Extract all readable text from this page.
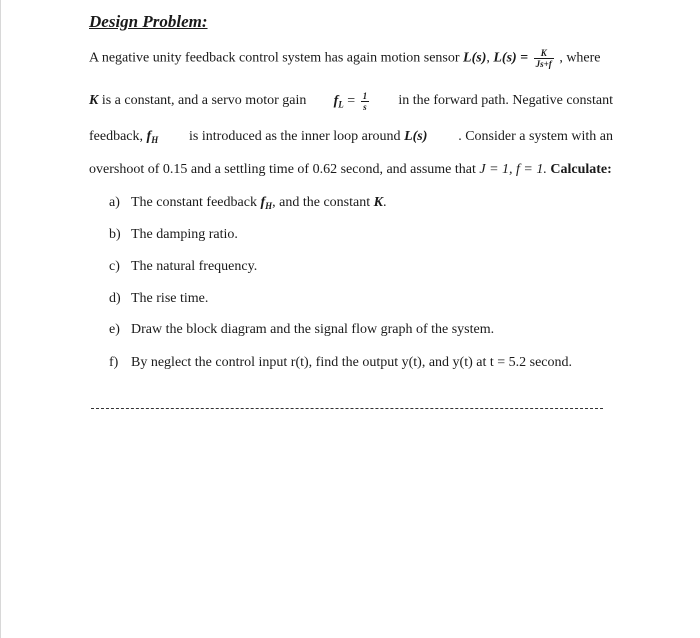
Design Problem:
A negative unity feedback control system has again motion sensor L(s), $L(s) = \frac{K}{Js+f}$ , where
K is a constant, and a servo motor gain $f_L = \frac{1}{s}$ in the forward path. Negative constant
feedback, $f_H$ is introduced as the inner loop around L(s) . Consider a system with an
overshoot of 0.15 and a settling time of 0.62 second, and assume that J = 1, f = 1. Calculate:
a) The constant feedback $f_H$, and the constant K.
b) The damping ratio.
c) The natural frequency.
d) The rise time.
e) Draw the block diagram and the signal flow graph of the system.
f) By neglect the control input r(t), find the output y(t), and y(t) at t = 5.2 second.
